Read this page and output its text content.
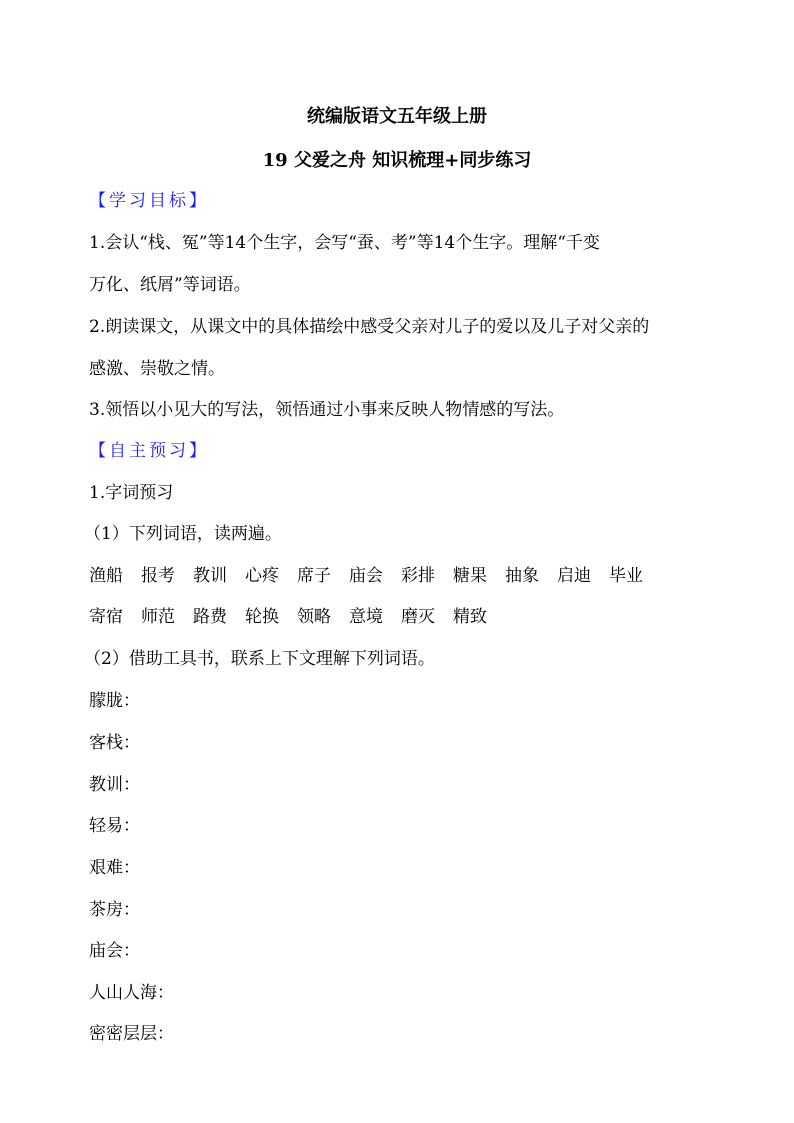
统编版语文五年级上册
19 父爱之舟 知识梳理+同步练习
【学习目标】
1.会认“栈、冤”等14个生字，会写“蚕、考”等14个生字。理解“千变
万化、纸屑”等词语。
2.朗读课文，从课文中的具体描绘中感受父亲对儿子的爱以及儿子对父亲的
感激、崇敬之情。
3.领悟以小见大的写法，领悟通过小事来反映人物情感的写法。
【自主预习】
1.字词预习
（1）下列词语，读两遍。
渔船 报考 教训 心疼 席子 庙会 彩排 糖果 抽象 启迪 毕业
寄宿 师范 路费 轮换 领略 意境 磨灭 精致
（2）借助工具书，联系上下文理解下列词语。
朦胧：
客栈：
教训：
轻易：
艰难：
茶房：
庙会：
人山人海：
密密层层：
